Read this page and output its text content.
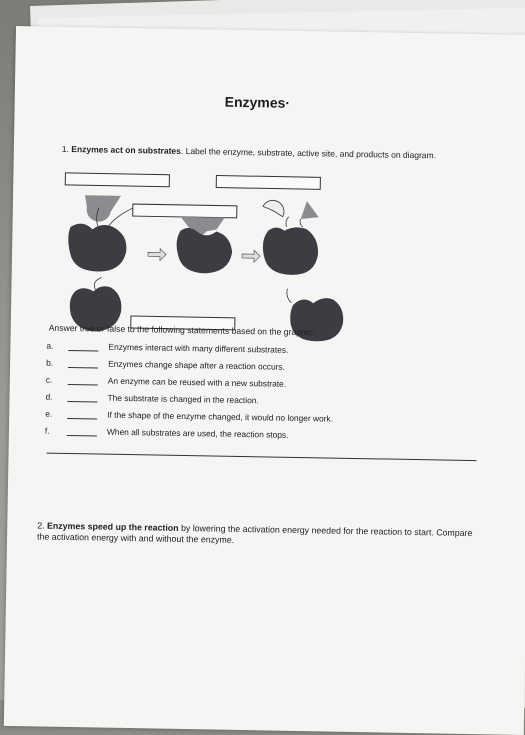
Enzymes·
1. Enzymes act on substrates. Label the enzyme, substrate, active site, and products on diagram.
Answer true or false to the following statements based on the graphic:
a.	Enzymes interact with many different substrates.
b.	Enzymes change shape after a reaction occurs.
c.	An enzyme can be reused with a new substrate.
d.	The substrate is changed in the reaction.
e.	If the shape of the enzyme changed, it would no longer work.
f.	When all substrates are used, the reaction stops.
2. Enzymes speed up the reaction by lowering the activation energy needed for the reaction to start. Compare the activation energy with and without the enzyme.
